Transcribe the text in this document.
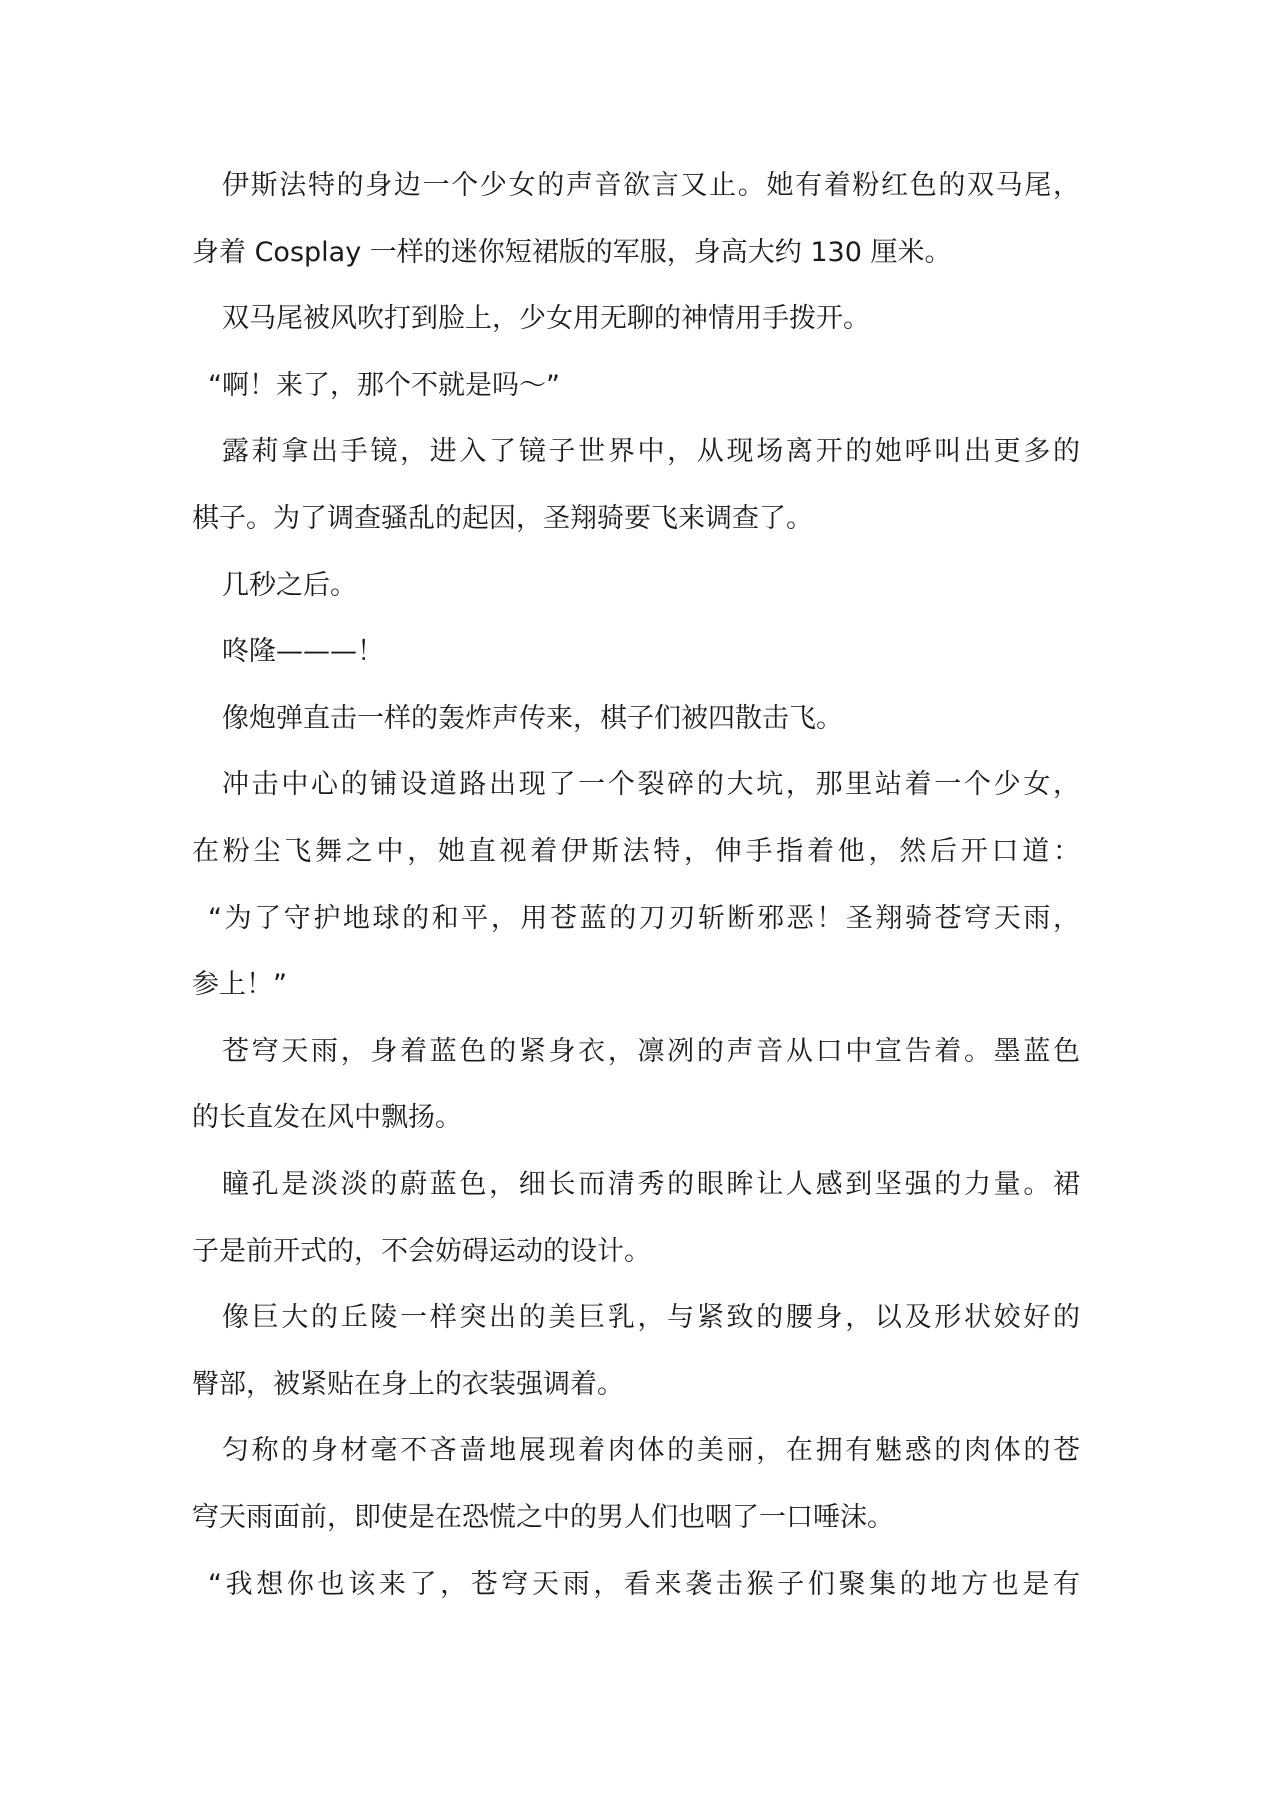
伊斯法特的身边一个少女的声音欲言又止。她有着粉红色的双马尾，
身着 Cosplay 一样的迷你短裙版的军服，身高大约 130 厘米。
双马尾被风吹打到脸上，少女用无聊的神情用手拨开。
“啊！来了，那个不就是吗～”
露莉拿出手镜，进入了镜子世界中，从现场离开的她呼叫出更多的
棋子。为了调查骚乱的起因，圣翔骑要飞来调查了。
几秒之后。
咚隆———！
像炮弹直击一样的轰炸声传来，棋子们被四散击飞。
冲击中心的铺设道路出现了一个裂碎的大坑，那里站着一个少女，
在粉尘飞舞之中，她直视着伊斯法特，伸手指着他，然后开口道：
“为了守护地球的和平，用苍蓝的刀刃斩断邪恶！圣翔骑苍穹天雨，
参上！”
苍穹天雨，身着蓝色的紧身衣，凛冽的声音从口中宣告着。墨蓝色
的长直发在风中飘扬。
瞳孔是淡淡的蔚蓝色，细长而清秀的眼眸让人感到坚强的力量。裙
子是前开式的，不会妨碍运动的设计。
像巨大的丘陵一样突出的美巨乳，与紧致的腰身，以及形状姣好的
臀部，被紧贴在身上的衣装强调着。
匀称的身材毫不吝啬地展现着肉体的美丽，在拥有魅惑的肉体的苍
穹天雨面前，即使是在恐慌之中的男人们也咽了一口唾沫。
“我想你也该来了，苍穹天雨，看来袭击猴子们聚集的地方也是有
